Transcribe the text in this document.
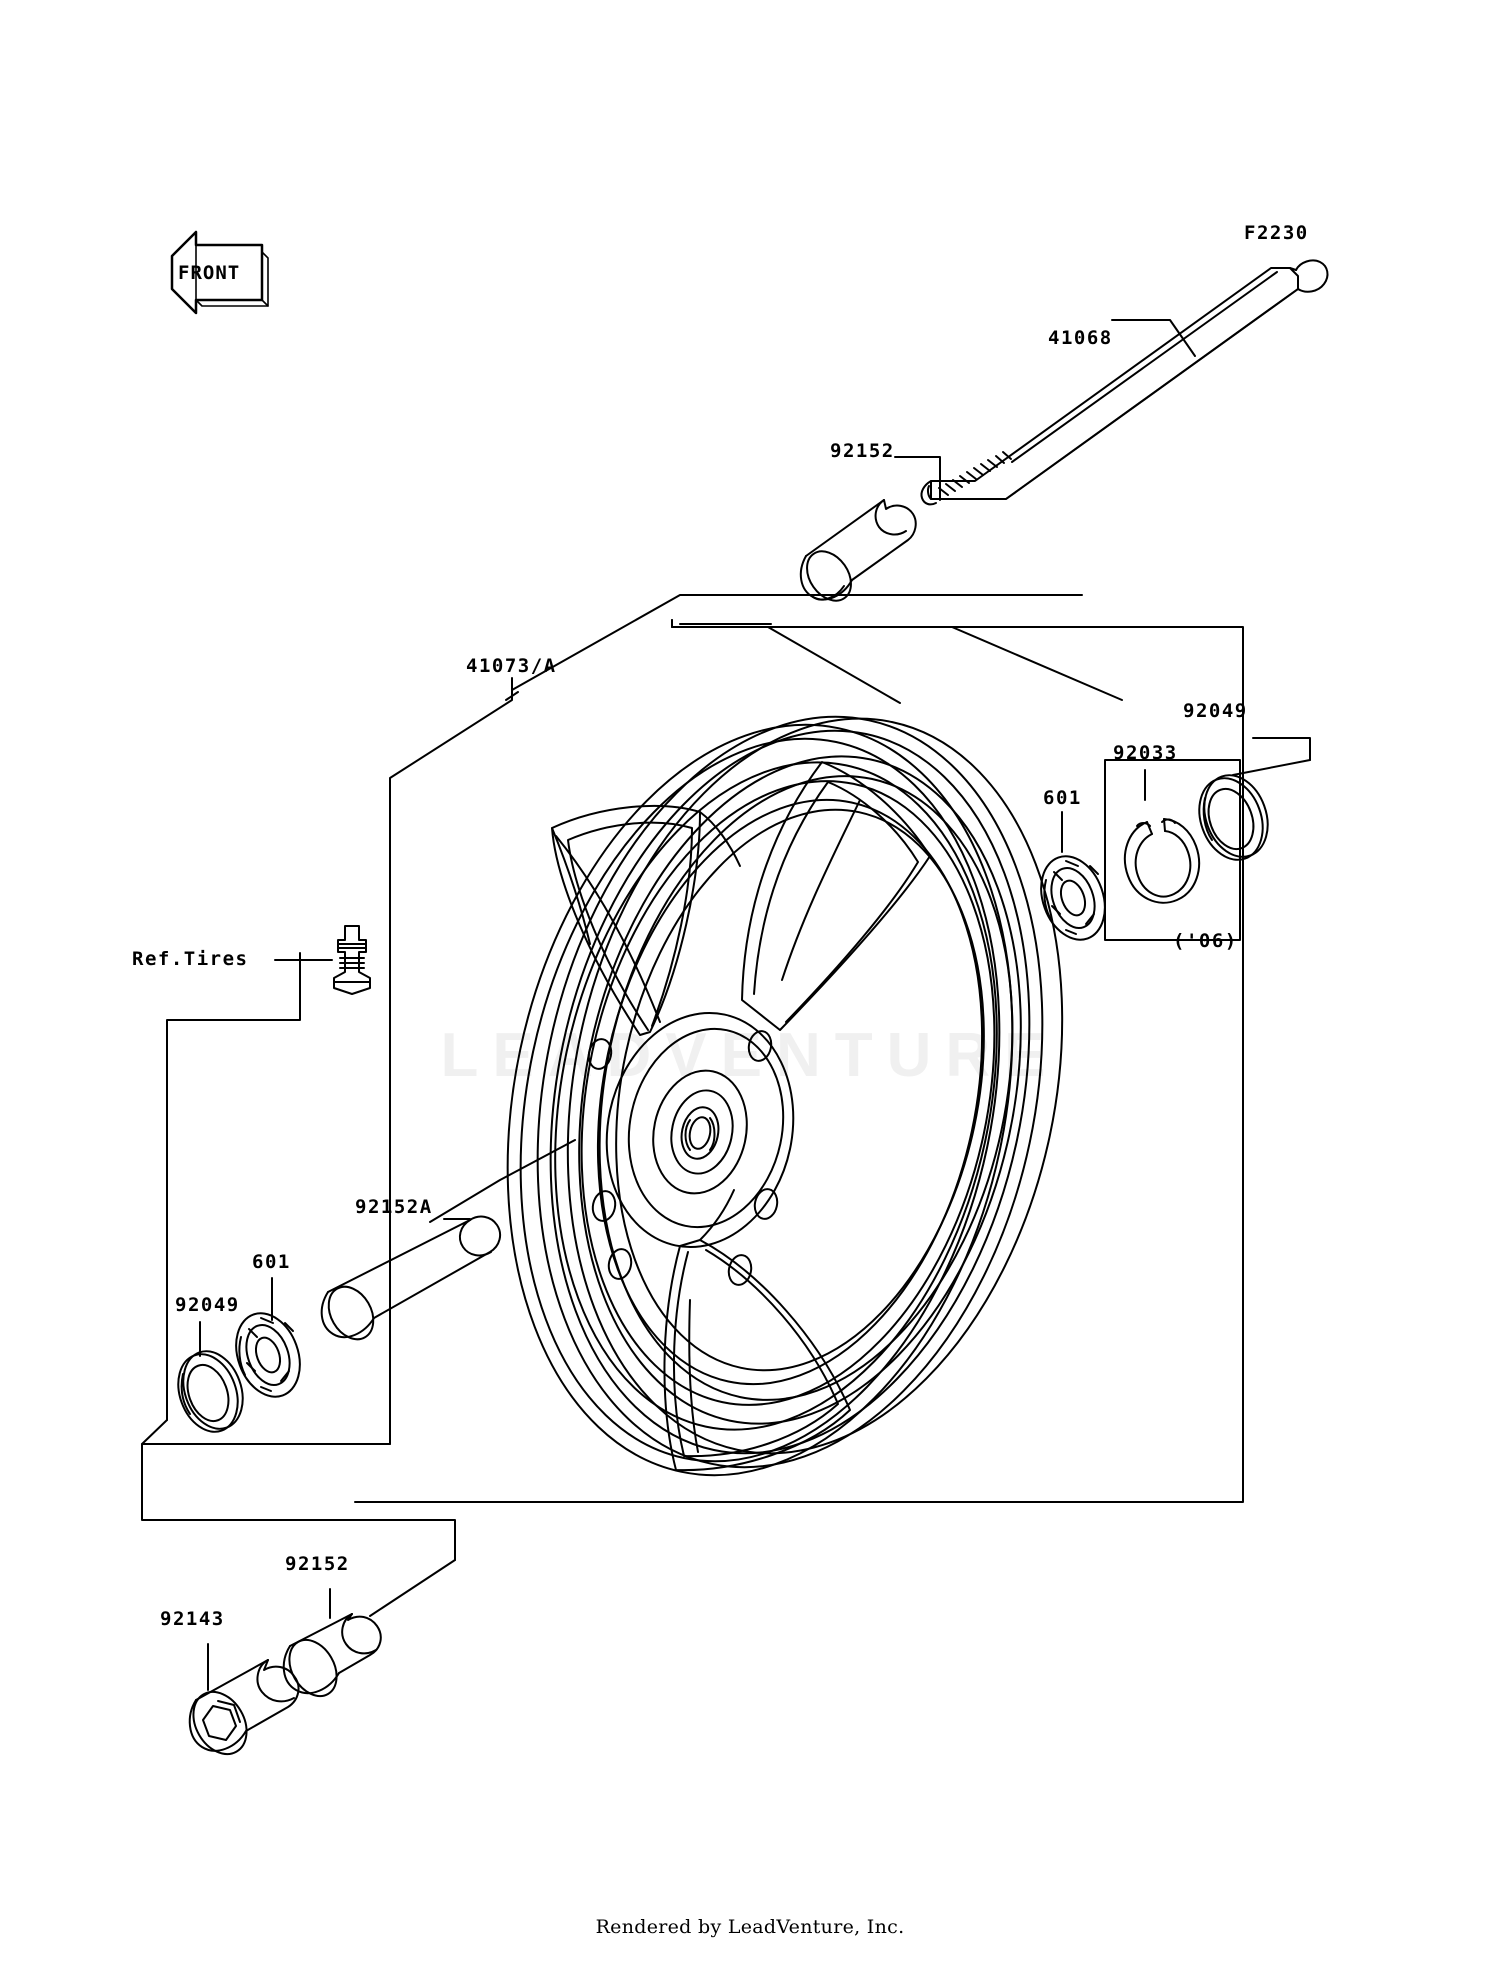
LEADVENTURE
FRONT
F2230
41068
92152
41073/A
92049
92033
601
('06)
Ref.Tires
92152A
601
92049
92152
92143
Rendered by LeadVenture, Inc.
